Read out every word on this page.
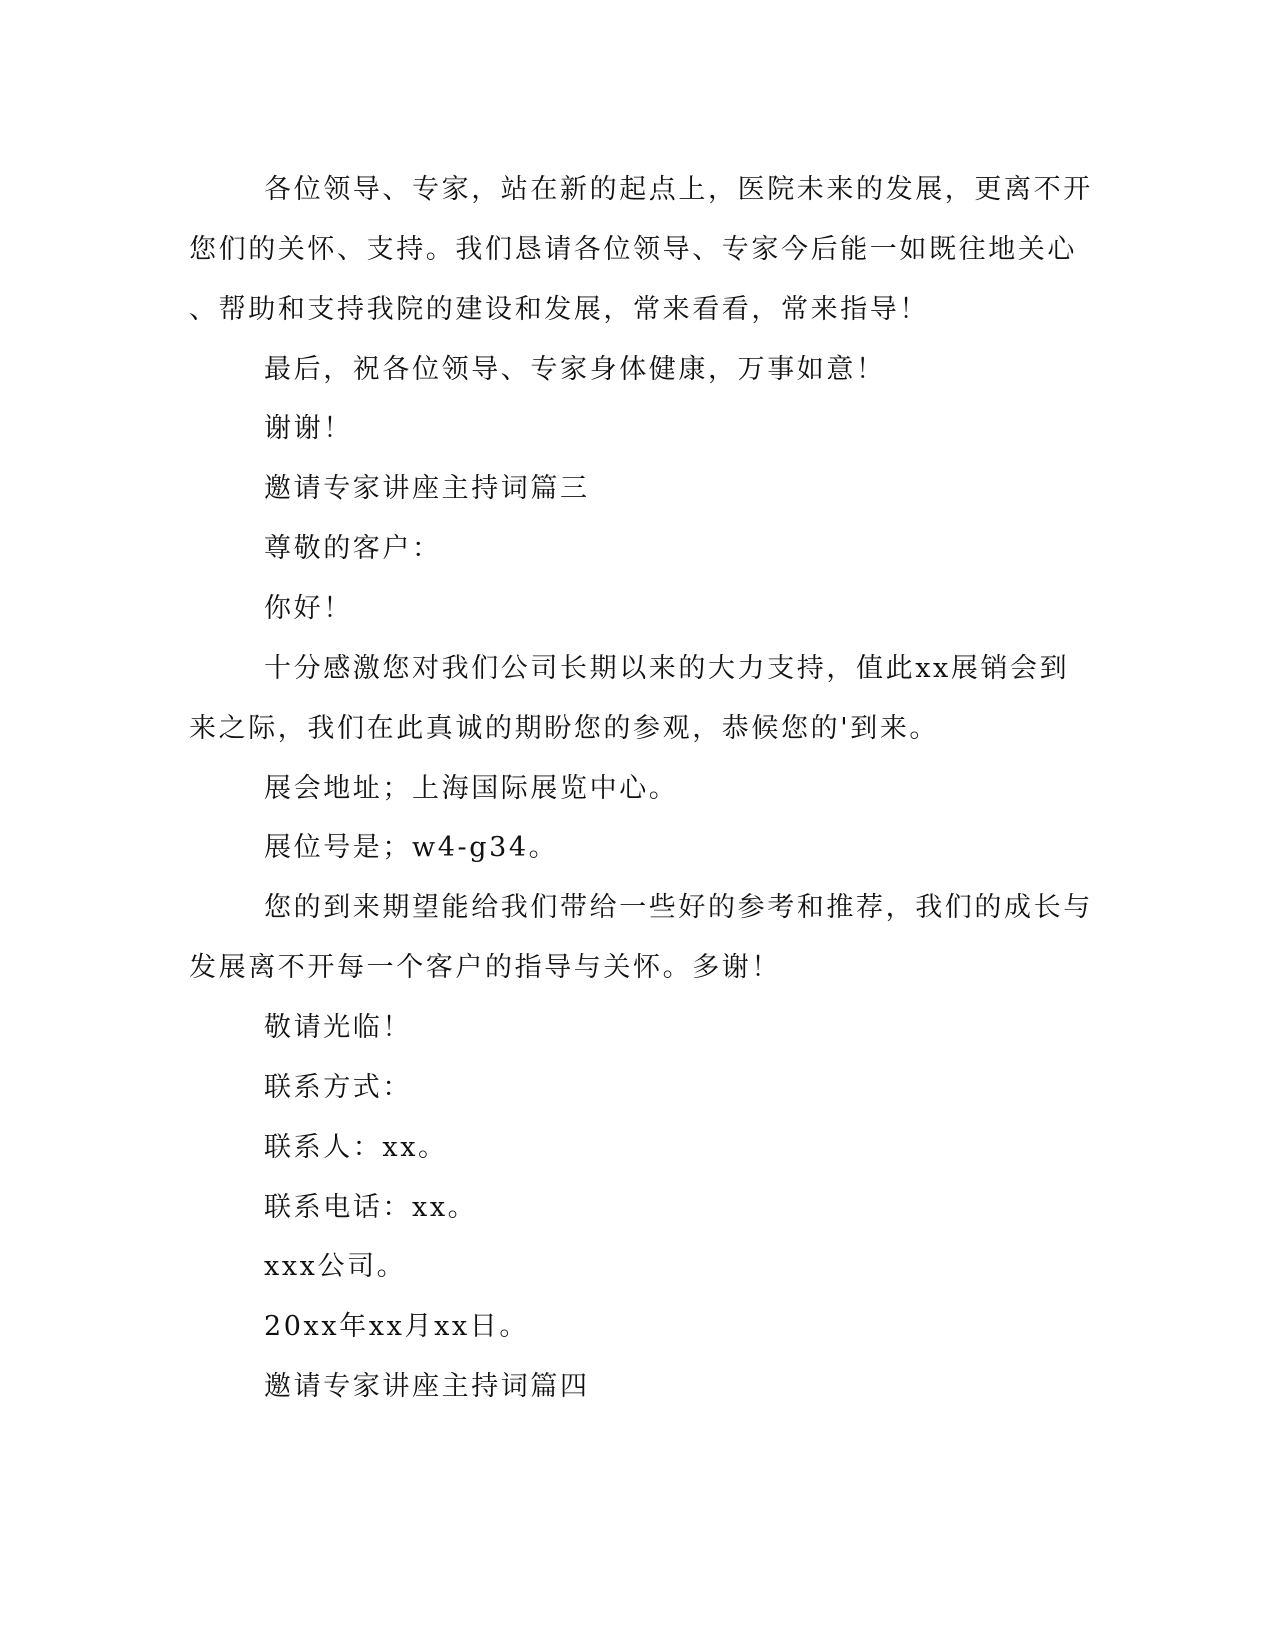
各位领导、专家，站在新的起点上，医院未来的发展，更离不开
您们的关怀、支持。我们恳请各位领导、专家今后能一如既往地关心
、帮助和支持我院的建设和发展，常来看看，常来指导！
最后，祝各位领导、专家身体健康，万事如意！
谢谢！
邀请专家讲座主持词篇三
尊敬的客户：
你好！
十分感激您对我们公司长期以来的大力支持，值此xx展销会到
来之际，我们在此真诚的期盼您的参观，恭候您的'到来。
展会地址；上海国际展览中心。
展位号是；w4-g34。
您的到来期望能给我们带给一些好的参考和推荐，我们的成长与
发展离不开每一个客户的指导与关怀。多谢！
敬请光临！
联系方式：
联系人：xx。
联系电话：xx。
xxx公司。
20xx年xx月xx日。
邀请专家讲座主持词篇四
